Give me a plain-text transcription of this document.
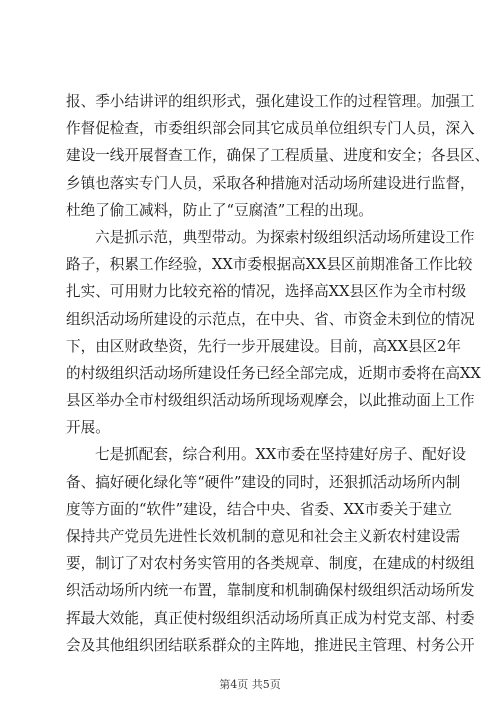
报、季小结讲评的组织形式，强化建设工作的过程管理。加强工
作督促检查，市委组织部会同其它成员单位组织专门人员，深入
建设一线开展督查工作，确保了工程质量、进度和安全；各县区、
乡镇也落实专门人员，采取各种措施对活动场所建设进行监督，
杜绝了偷工减料，防止了“豆腐渣”工程的出现。
六是抓示范，典型带动。为探索村级组织活动场所建设工作
路子，积累工作经验，XX市委根据高XX县区前期准备工作比较
扎实、可用财力比较充裕的情况，选择高XX县区作为全市村级
组织活动场所建设的示范点，在中央、省、市资金未到位的情况
下，由区财政垫资，先行一步开展建设。目前，高XX县区2年
的村级组织活动场所建设任务已经全部完成，近期市委将在高XX
县区举办全市村级组织活动场所现场观摩会，以此推动面上工作
开展。
七是抓配套，综合利用。XX市委在坚持建好房子、配好设
备、搞好硬化绿化等“硬件”建设的同时，还狠抓活动场所内制
度等方面的“软件”建设，结合中央、省委、XX市委关于建立
保持共产党员先进性长效机制的意见和社会主义新农村建设需
要，制订了对农村务实管用的各类规章、制度，在建成的村级组
织活动场所内统一布置，靠制度和机制确保村级组织活动场所发
挥最大效能，真正使村级组织活动场所真正成为村党支部、村委
会及其他组织团结联系群众的主阵地，推进民主管理、村务公开
第4页 共5页
